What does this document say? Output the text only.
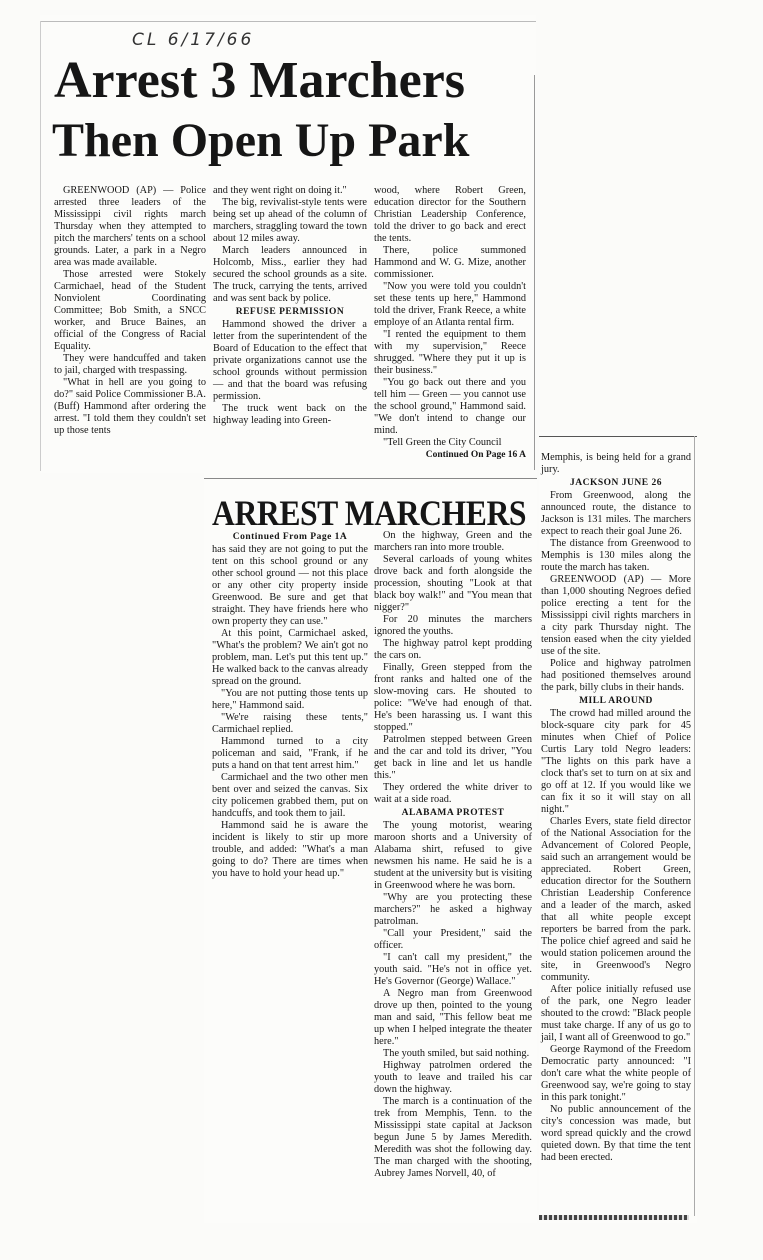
CL 6/17/66
Arrest 3 Marchers
Then Open Up Park

GREENWOOD (AP) — Police arrested three leaders of the Mississippi civil rights march Thursday when they attempted to pitch the marchers' tents on a school grounds. Later, a park in a Negro area was made available.

Those arrested were Stokely Carmichael, head of the Student Nonviolent Coordinating Committee; Bob Smith, a SNCC worker, and Bruce Baines, an official of the Congress of Racial Equality.

They were handcuffed and taken to jail, charged with trespassing.

"What in hell are you going to do?" said Police Commissioner B.A. (Buff) Hammond after ordering the arrest. "I told them they couldn't set up those tents

and they went right on doing it."

The big, revivalist-style tents were being set up ahead of the column of marchers, straggling toward the town about 12 miles away.

March leaders announced in Holcomb, Miss., earlier they had secured the school grounds as a site. The truck, carrying the tents, arrived and was sent back by police.

REFUSE PERMISSION

Hammond showed the driver a letter from the superintendent of the Board of Education to the effect that private organizations cannot use the school grounds without permission — and that the board was refusing permission.

The truck went back on the highway leading into Green-

wood, where Robert Green, education director for the Southern Christian Leadership Conference, told the driver to go back and erect the tents.

There, police summoned Hammond and W. G. Mize, another commissioner.

"Now you were told you couldn't set these tents up here," Hammond told the driver, Frank Reece, a white employe of an Atlanta rental firm.

"I rented the equipment to them with my supervision," Reece shrugged. "Where they put it up is their business."

"You go back out there and you tell him — Green — you cannot use the school ground," Hammond said. "We don't intend to change our mind.

"Tell Green the City Council

Continued On Page 16 A
ARREST MARCHERS
Continued From Page 1A

has said they are not going to put the tent on this school ground or any other school ground — not this place or any other city property inside Greenwood. Be sure and get that straight. They have friends here who own property they can use."

At this point, Carmichael asked, "What's the problem? We ain't got no problem, man. Let's put this tent up." He walked back to the canvas already spread on the ground.

"You are not putting those tents up here," Hammond said.

"We're raising these tents," Carmichael replied.

Hammond turned to a city policeman and said, "Frank, if he puts a hand on that tent arrest him."

Carmichael and the two other men bent over and seized the canvas. Six city policemen grabbed them, put on handcuffs, and took them to jail.

Hammond said he is aware the incident is likely to stir up more trouble, and added: "What's a man going to do? There are times when you have to hold your head up."

On the highway, Green and the marchers ran into more trouble.

Several carloads of young whites drove back and forth alongside the procession, shouting "Look at that black boy walk!" and "You mean that nigger?"

For 20 minutes the marchers ignored the youths.

The highway patrol kept prodding the cars on.

Finally, Green stepped from the front ranks and halted one of the slow-moving cars. He shouted to police: "We've had enough of that. He's been harassing us. I want this stopped."

Patrolmen stepped between Green and the car and told its driver, "You get back in line and let us handle this."

They ordered the white driver to wait at a side road.

ALABAMA PROTEST

The young motorist, wearing maroon shorts and a University of Alabama shirt, refused to give newsmen his name. He said he is a student at the university but is visiting in Greenwood where he was born.

"Why are you protecting these marchers?" he asked a highway patrolman.

"Call your President," said the officer.

"I can't call my president," the youth said. "He's not in office yet. He's Governor (George) Wallace."

A Negro man from Greenwood drove up then, pointed to the young man and said, "This fellow beat me up when I helped integrate the theater here."

The youth smiled, but said nothing.

Highway patrolmen ordered the youth to leave and trailed his car down the highway.

The march is a continuation of the trek from Memphis, Tenn. to the Mississippi state capital at Jackson begun June 5 by James Meredith. Meredith was shot the following day. The man charged with the shooting, Aubrey James Norvell, 40, of

Memphis, is being held for a grand jury.

JACKSON JUNE 26

From Greenwood, along the announced route, the distance to Jackson is 131 miles. The marchers expect to reach their goal June 26.

The distance from Greenwood to Memphis is 130 miles along the route the march has taken.

GREENWOOD (AP) — More than 1,000 shouting Negroes defied police erecting a tent for the Mississippi civil rights marchers in a city park Thursday night. The tension eased when the city yielded use of the site.

Police and highway patrolmen had positioned themselves around the park, billy clubs in their hands.

MILL AROUND

The crowd had milled around the block-square city park for 45 minutes when Chief of Police Curtis Lary told Negro leaders: "The lights on this park have a clock that's set to turn on at six and go off at 12. If you would like we can fix it so it will stay on all night."

Charles Evers, state field director of the National Association for the Advancement of Colored People, said such an arrangement would be appreciated. Robert Green, education director for the Southern Christian Leadership Conference and a leader of the march, asked that all white people except reporters be barred from the park. The police chief agreed and said he would station policemen around the site, in Greenwood's Negro community.

After police initially refused use of the park, one Negro leader shouted to the crowd: "Black people must take charge. If any of us go to jail, I want all of Greenwood to go."

George Raymond of the Freedom Democratic party announced: "I don't care what the white people of Greenwood say, we're going to stay in this park tonight."

No public announcement of the city's concession was made, but word spread quickly and the crowd quieted down. By that time the tent had been erected.
